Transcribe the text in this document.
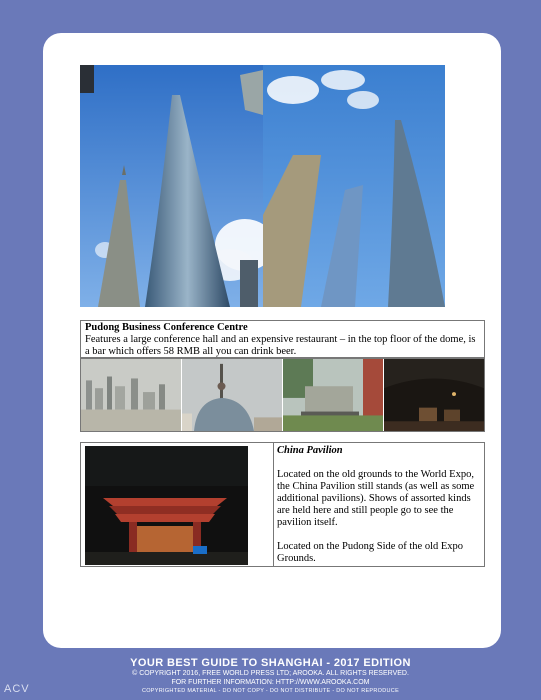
Pudong Business Conference Centre
Features a large conference hall and an expensive restaurant – in the top floor of the dome, is a bar which offers 58 RMB all you can drink beer.

China Pavilion

Located on the old grounds to the World Expo, the China Pavilion still stands (as well as some additional pavilions). Shows of assorted kinds are held here and still people go to see the pavilion itself.

Located on the Pudong Side of the old Expo Grounds.

YOUR BEST GUIDE TO SHANGHAI - 2017 EDITION
© COPYRIGHT 2016, FREE WORLD PRESS LTD; AROOKA. ALL RIGHTS RESERVED.
FOR FURTHER INFORMATION: HTTP://WWW.AROOKA.COM
COPYRIGHTED MATERIAL - DO NOT COPY - DO NOT DISTRIBUTE - DO NOT REPRODUCE
ACV
